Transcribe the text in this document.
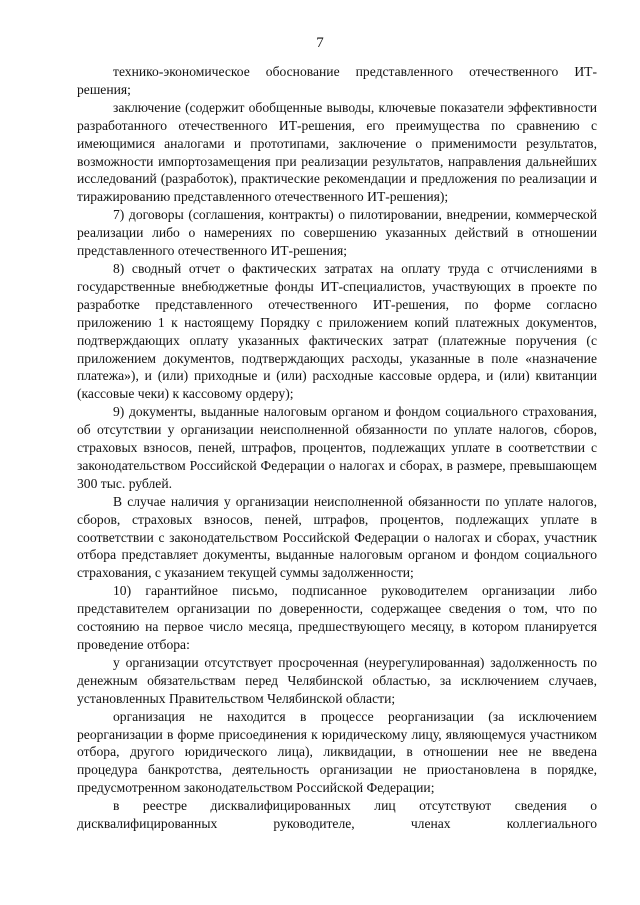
7

технико-экономическое обоснование представленного отечественного ИТ-решения;

заключение (содержит обобщенные выводы, ключевые показатели эффективности разработанного отечественного ИТ-решения, его преимущества по сравнению с имеющимися аналогами и прототипами, заключение о применимости результатов, возможности импортозамещения при реализации результатов, направления дальнейших исследований (разработок), практические рекомендации и предложения по реализации и тиражированию представленного отечественного ИТ-решения);

7) договоры (соглашения, контракты) о пилотировании, внедрении, коммерческой реализации либо о намерениях по совершению указанных действий в отношении представленного отечественного ИТ-решения;

8) сводный отчет о фактических затратах на оплату труда с отчислениями в государственные внебюджетные фонды ИТ-специалистов, участвующих в проекте по разработке представленного отечественного ИТ-решения, по форме согласно приложению 1 к настоящему Порядку с приложением копий платежных документов, подтверждающих оплату указанных фактических затрат (платежные поручения (с приложением документов, подтверждающих расходы, указанные в поле «назначение платежа»), и (или) приходные и (или) расходные кассовые ордера, и (или) квитанции (кассовые чеки) к кассовому ордеру);

9) документы, выданные налоговым органом и фондом социального страхования, об отсутствии у организации неисполненной обязанности по уплате налогов, сборов, страховых взносов, пеней, штрафов, процентов, подлежащих уплате в соответствии с законодательством Российской Федерации о налогах и сборах, в размере, превышающем 300 тыс. рублей.

В случае наличия у организации неисполненной обязанности по уплате налогов, сборов, страховых взносов, пеней, штрафов, процентов, подлежащих уплате в соответствии с законодательством Российской Федерации о налогах и сборах, участник отбора представляет документы, выданные налоговым органом и фондом социального страхования, с указанием текущей суммы задолженности;

10) гарантийное письмо, подписанное руководителем организации либо представителем организации по доверенности, содержащее сведения о том, что по состоянию на первое число месяца, предшествующего месяцу, в котором планируется проведение отбора:

у организации отсутствует просроченная (неурегулированная) задолженность по денежным обязательствам перед Челябинской областью, за исключением случаев, установленных Правительством Челябинской области;

организация не находится в процессе реорганизации (за исключением реорганизации в форме присоединения к юридическому лицу, являющемуся участником отбора, другого юридического лица), ликвидации, в отношении нее не введена процедура банкротства, деятельность организации не приостановлена в порядке, предусмотренном законодательством Российской Федерации;

в реестре дисквалифицированных лиц отсутствуют сведения о дисквалифицированных руководителе, членах коллегиального
